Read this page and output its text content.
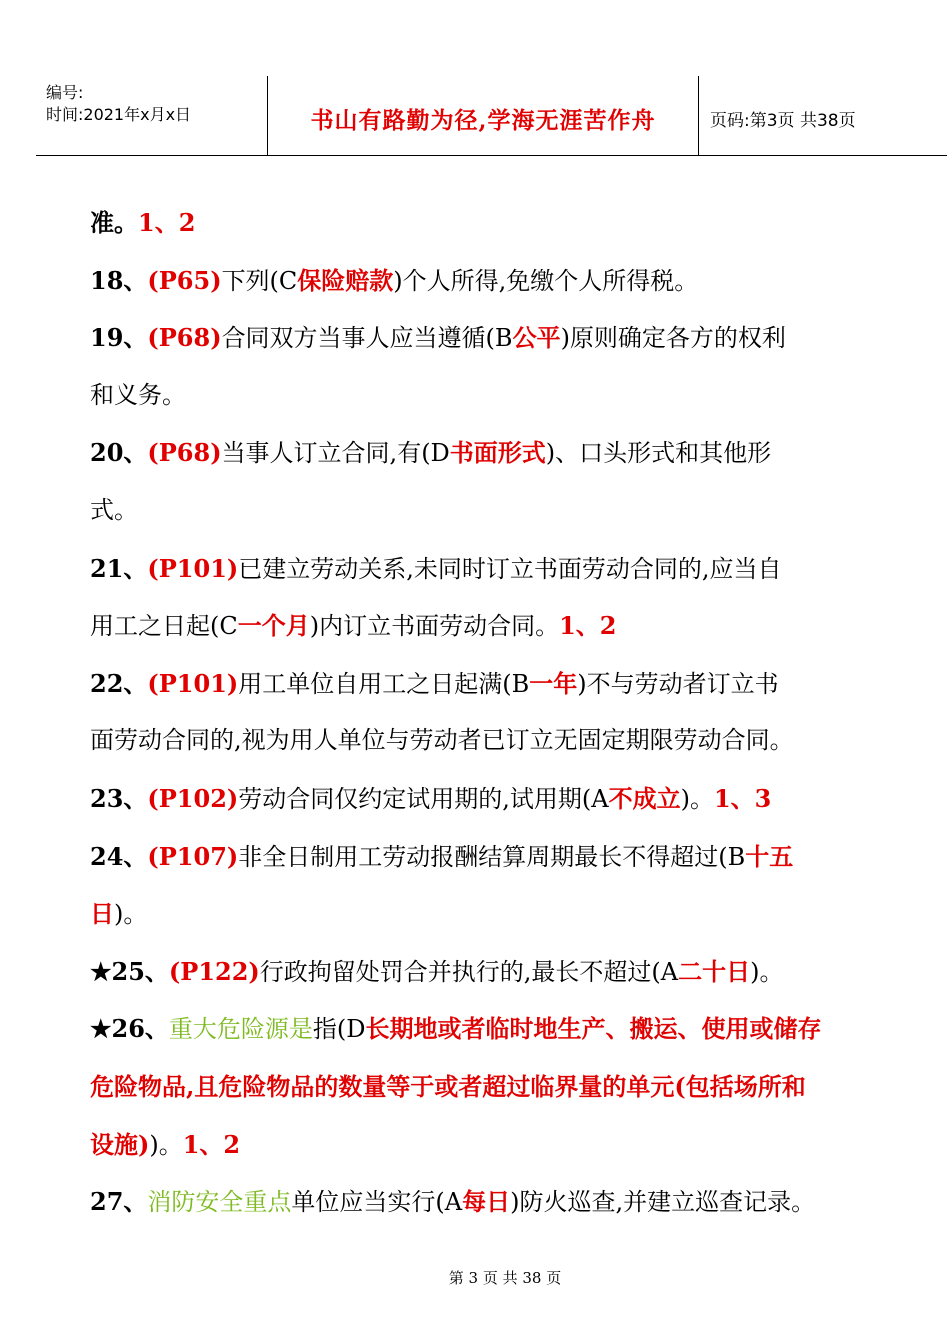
编号:
时间:2021年x月x日	书山有路勤为径,学海无涯苦作舟	页码:第3页 共38页
准。1、2
18、(P65)下列(C保险赔款)个人所得,免缴个人所得税。
19、(P68)合同双方当事人应当遵循(B公平)原则确定各方的权利
和义务。
20、(P68)当事人订立合同,有(D书面形式)、口头形式和其他形
式。
21、(P101)已建立劳动关系,未同时订立书面劳动合同的,应当自
用工之日起(C一个月)内订立书面劳动合同。1、2
22、(P101)用工单位自用工之日起满(B一年)不与劳动者订立书
面劳动合同的,视为用人单位与劳动者已订立无固定期限劳动合同。
23、(P102)劳动合同仅约定试用期的,试用期(A不成立)。1、3
24、(P107)非全日制用工劳动报酬结算周期最长不得超过(B十五
日)。
★25、(P122)行政拘留处罚合并执行的,最长不超过(A二十日)。
★26、重大危险源是指(D长期地或者临时地生产、搬运、使用或储存
危险物品,且危险物品的数量等于或者超过临界量的单元(包括场所和
设施))。1、2
27、消防安全重点单位应当实行(A每日)防火巡查,并建立巡查记录。
第 3 页 共 38 页
